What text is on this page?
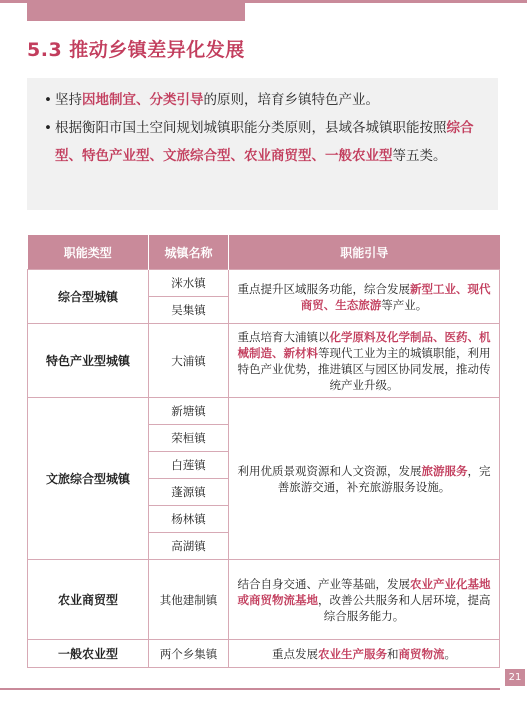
5.3 推动乡镇差异化发展
• 坚持因地制宜、分类引导的原则，培育乡镇特色产业。
• 根据衡阳市国土空间规划城镇职能分类原则，县域各城镇职能按照综合型、特色产业型、文旅综合型、农业商贸型、一般农业型等五类。
职能类型	城镇名称	职能引导
综合型城镇	洣水镇	重点提升区域服务功能，综合发展新型工业、现代商贸、生态旅游等产业。
	吴集镇	
特色产业型城镇	大浦镇	重点培育大浦镇以化学原料及化学制品、医药、机械制造、新材料等现代工业为主的城镇职能，利用特色产业优势，推进镇区与园区协同发展，推动传统产业升级。
文旅综合型城镇	新塘镇	利用优质景观资源和人文资源，发展旅游服务，完善旅游交通，补充旅游服务设施。
	荣桓镇	
	白莲镇	
	蓬源镇	
	杨林镇	
	高湖镇	
农业商贸型	其他建制镇	结合自身交通、产业等基础，发展农业产业化基地或商贸物流基地，改善公共服务和人居环境，提高综合服务能力。
一般农业型	两个乡集镇	重点发展农业生产服务和商贸物流。
21
